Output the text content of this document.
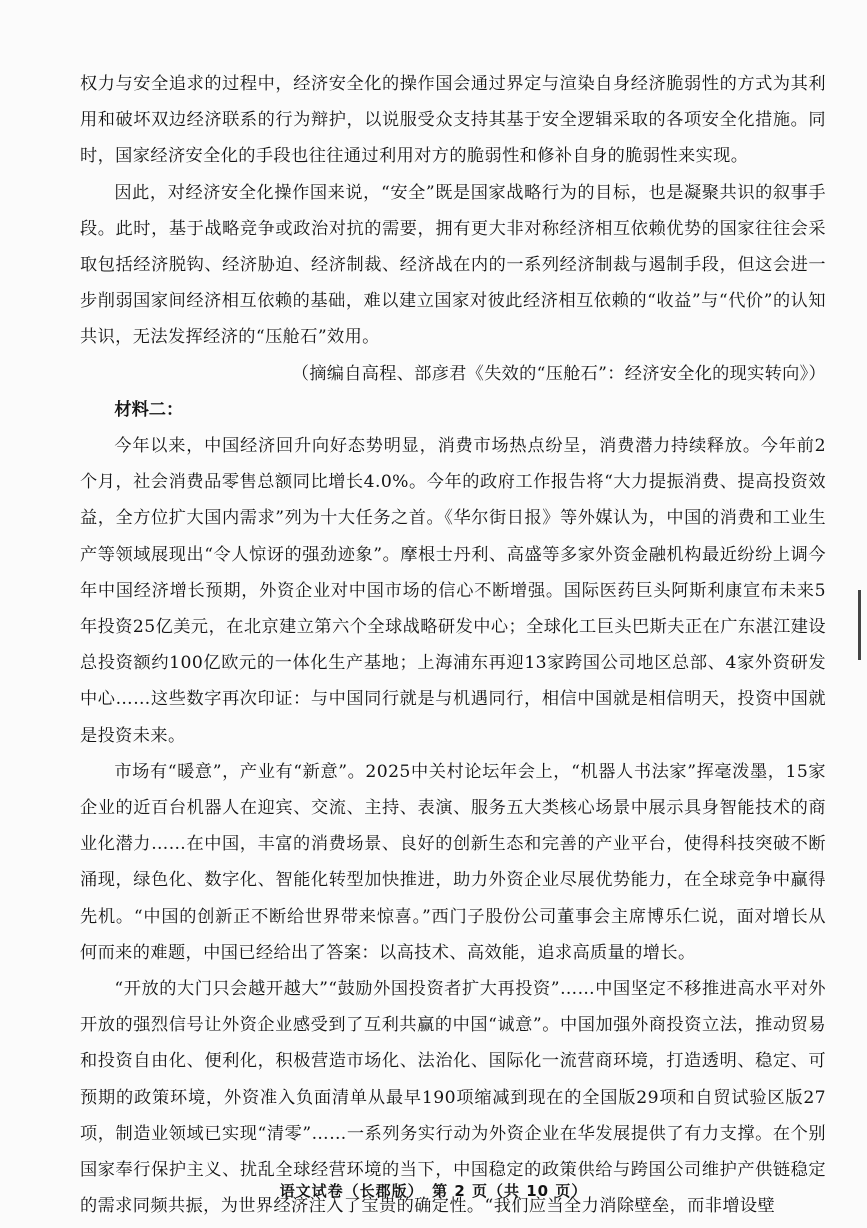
权力与安全追求的过程中，经济安全化的操作国会通过界定与渲染自身经济脆弱性的方式为其利用和破坏双边经济联系的行为辩护，以说服受众支持其基于安全逻辑采取的各项安全化措施。同时，国家经济安全化的手段也往往通过利用对方的脆弱性和修补自身的脆弱性来实现。

因此，对经济安全化操作国来说，“安全”既是国家战略行为的目标，也是凝聚共识的叙事手段。此时，基于战略竞争或政治对抗的需要，拥有更大非对称经济相互依赖优势的国家往往会采取包括经济脱钩、经济胁迫、经济制裁、经济战在内的一系列经济制裁与遏制手段，但这会进一步削弱国家间经济相互依赖的基础，难以建立国家对彼此经济相互依赖的“收益”与“代价”的认知共识，无法发挥经济的“压舱石”效用。

（摘编自高程、部彦君《失效的“压舱石”：经济安全化的现实转向》）

材料二：

今年以来，中国经济回升向好态势明显，消费市场热点纷呈，消费潜力持续释放。今年前2个月，社会消费品零售总额同比增长4.0%。今年的政府工作报告将“大力提振消费、提高投资效益，全方位扩大国内需求”列为十大任务之首。《华尔街日报》等外媒认为，中国的消费和工业生产等领域展现出“令人惊讶的强劲迹象”。摩根士丹利、高盛等多家外资金融机构最近纷纷上调今年中国经济增长预期，外资企业对中国市场的信心不断增强。国际医药巨头阿斯利康宣布未来5年投资25亿美元，在北京建立第六个全球战略研发中心；全球化工巨头巴斯夫正在广东湛江建设总投资额约100亿欧元的一体化生产基地；上海浦东再迎13家跨国公司地区总部、4家外资研发中心……这些数字再次印证：与中国同行就是与机遇同行，相信中国就是相信明天，投资中国就是投资未来。

市场有“暖意”，产业有“新意”。2025中关村论坛年会上，“机器人书法家”挥毫泼墨，15家企业的近百台机器人在迎宾、交流、主持、表演、服务五大类核心场景中展示具身智能技术的商业化潜力……在中国，丰富的消费场景、良好的创新生态和完善的产业平台，使得科技突破不断涌现，绿色化、数字化、智能化转型加快推进，助力外资企业尽展优势能力，在全球竞争中赢得先机。“中国的创新正不断给世界带来惊喜。”西门子股份公司董事会主席博乐仁说，面对增长从何而来的难题，中国已经给出了答案：以高技术、高效能，追求高质量的增长。

“开放的大门只会越开越大”“鼓励外国投资者扩大再投资”……中国坚定不移推进高水平对外开放的强烈信号让外资企业感受到了互利共赢的中国“诚意”。中国加强外商投资立法，推动贸易和投资自由化、便利化，积极营造市场化、法治化、国际化一流营商环境，打造透明、稳定、可预期的政策环境，外资准入负面清单从最早190项缩减到现在的全国版29项和自贸试验区版27项，制造业领域已实现“清零”……一系列务实行动为外资企业在华发展提供了有力支撑。在个别国家奉行保护主义、扰乱全球经营环境的当下，中国稳定的政策供给与跨国公司维护产供链稳定的需求同频共振，为世界经济注入了宝贵的确定性。“我们应当全力消除壁垒，而非增设壁

语文试卷（长郡版）　第 2 页（共 10 页）
